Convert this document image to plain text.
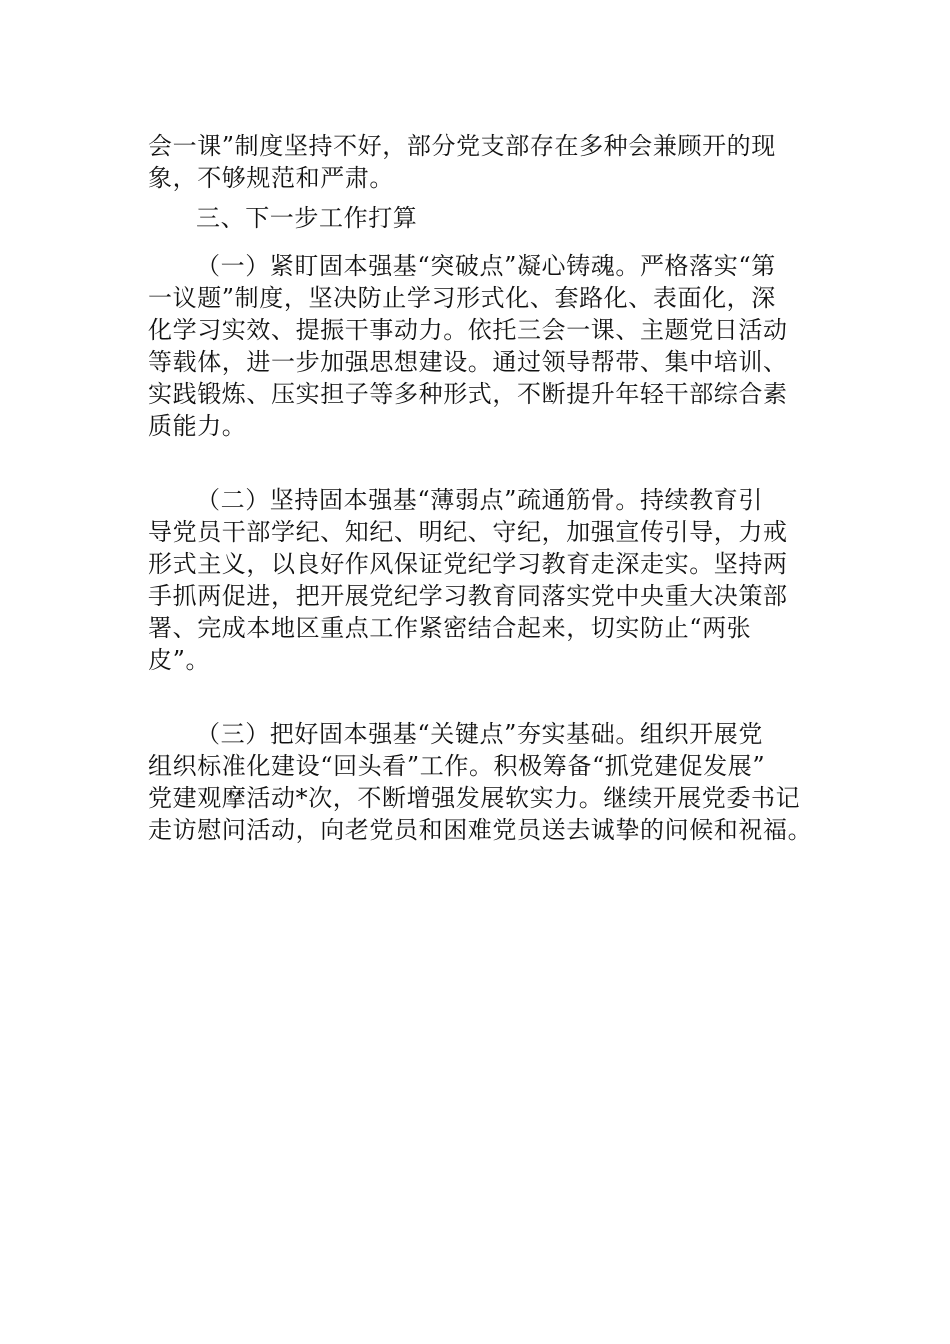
会一课”制度坚持不好，部分党支部存在多种会兼顾开的现
象，不够规范和严肃。
三、下一步工作打算
（一）紧盯固本强基“突破点”凝心铸魂。严格落实“第
一议题”制度，坚决防止学习形式化、套路化、表面化，深
化学习实效、提振干事动力。依托三会一课、主题党日活动
等载体，进一步加强思想建设。通过领导帮带、集中培训、
实践锻炼、压实担子等多种形式，不断提升年轻干部综合素
质能力。
（二）坚持固本强基“薄弱点”疏通筋骨。持续教育引
导党员干部学纪、知纪、明纪、守纪，加强宣传引导，力戒
形式主义，以良好作风保证党纪学习教育走深走实。坚持两
手抓两促进，把开展党纪学习教育同落实党中央重大决策部
署、完成本地区重点工作紧密结合起来，切实防止“两张
皮”。
（三）把好固本强基“关键点”夯实基础。组织开展党
组织标准化建设“回头看”工作。积极筹备“抓党建促发展”
党建观摩活动*次，不断增强发展软实力。继续开展党委书记
走访慰问活动，向老党员和困难党员送去诚挚的问候和祝福。
